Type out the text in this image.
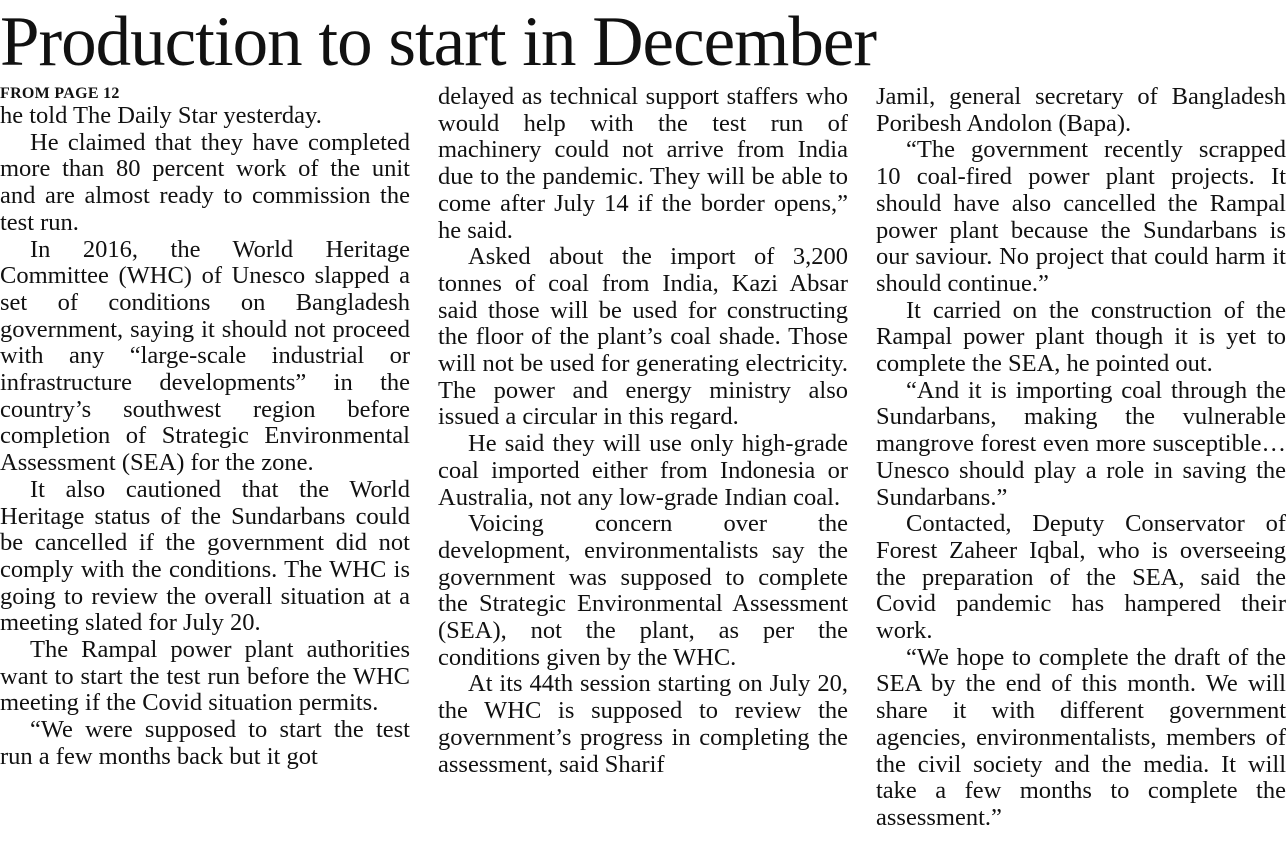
Production to start in December
FROM PAGE 12

he told The Daily Star yesterday.

He claimed that they have completed more than 80 percent work of the unit and are almost ready to commission the test run.

In 2016, the World Heritage Committee (WHC) of Unesco slapped a set of conditions on Bangladesh government, saying it should not proceed with any “large-scale industrial or infrastructure developments” in the country’s southwest region before completion of Strategic Environmental Assessment (SEA) for the zone.

It also cautioned that the World Heritage status of the Sundarbans could be cancelled if the government did not comply with the conditions. The WHC is going to review the overall situation at a meeting slated for July 20.

The Rampal power plant authorities want to start the test run before the WHC meeting if the Covid situation permits.

“We were supposed to start the test run a few months back but it got

delayed as technical support staffers who would help with the test run of machinery could not arrive from India due to the pandemic. They will be able to come after July 14 if the border opens,” he said.

Asked about the import of 3,200 tonnes of coal from India, Kazi Absar said those will be used for constructing the floor of the plant’s coal shade. Those will not be used for generating electricity. The power and energy ministry also issued a circular in this regard.

He said they will use only high-grade coal imported either from Indonesia or Australia, not any low-grade Indian coal.

Voicing concern over the development, environmentalists say the government was supposed to complete the Strategic Environmental Assessment (SEA), not the plant, as per the conditions given by the WHC.

At its 44th session starting on July 20, the WHC is supposed to review the government’s progress in completing the assessment, said Sharif

Jamil, general secretary of Bangladesh Poribesh Andolon (Bapa).

“The government recently scrapped 10 coal-fired power plant projects. It should have also cancelled the Rampal power plant because the Sundarbans is our saviour. No project that could harm it should continue.”

It carried on the construction of the Rampal power plant though it is yet to complete the SEA, he pointed out.

“And it is importing coal through the Sundarbans, making the vulnerable mangrove forest even more susceptible… Unesco should play a role in saving the Sundarbans.”

Contacted, Deputy Conservator of Forest Zaheer Iqbal, who is overseeing the preparation of the SEA, said the Covid pandemic has hampered their work.

“We hope to complete the draft of the SEA by the end of this month. We will share it with different government agencies, environmentalists, members of the civil society and the media. It will take a few months to complete the assessment.”
